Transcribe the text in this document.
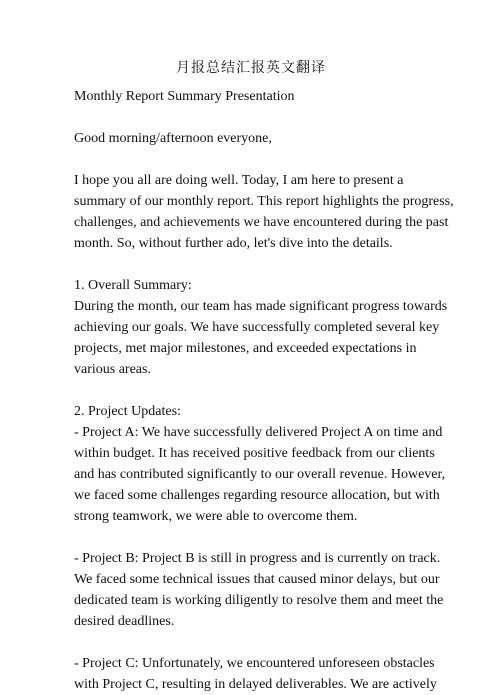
月报总结汇报英文翻译

Monthly Report Summary Presentation

Good morning/afternoon everyone,

I hope you all are doing well. Today, I am here to present a
summary of our monthly report. This report highlights the progress,
challenges, and achievements we have encountered during the past
month. So, without further ado, let's dive into the details.

1. Overall Summary:

During the month, our team has made significant progress towards
achieving our goals. We have successfully completed several key
projects, met major milestones, and exceeded expectations in
various areas.

2. Project Updates:

- Project A: We have successfully delivered Project A on time and
within budget. It has received positive feedback from our clients
and has contributed significantly to our overall revenue. However,
we faced some challenges regarding resource allocation, but with
strong teamwork, we were able to overcome them.

- Project B: Project B is still in progress and is currently on track.
We faced some technical issues that caused minor delays, but our
dedicated team is working diligently to resolve them and meet the
desired deadlines.

- Project C: Unfortunately, we encountered unforeseen obstacles
with Project C, resulting in delayed deliverables. We are actively
